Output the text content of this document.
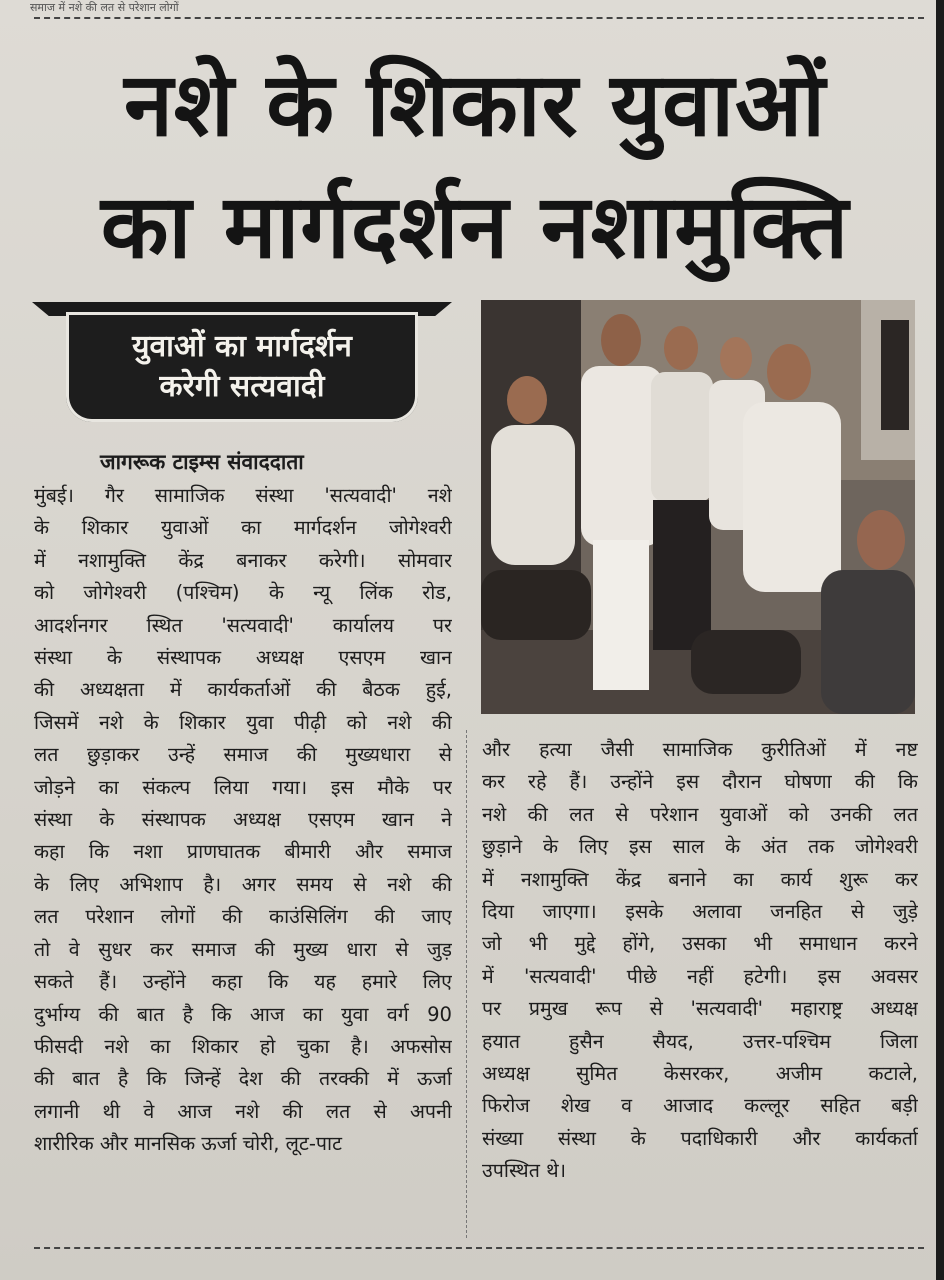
समाज में नशे की लत से परेशान लोगों
नशे के शिकार युवाओं
का मार्गदर्शन नशामुक्ति
युवाओं का मार्गदर्शन
करेगी सत्यवादी
जागरूक टाइम्स संवाददाता
मुंबई। गैर सामाजिक संस्था 'सत्यवादी' नशे
के शिकार युवाओं का मार्गदर्शन जोगेश्वरी
में नशामुक्ति केंद्र बनाकर करेगी। सोमवार
को जोगेश्वरी (पश्चिम) के न्यू लिंक रोड,
आदर्शनगर स्थित 'सत्यवादी' कार्यालय पर
संस्था के संस्थापक अध्यक्ष एसएम खान
की अध्यक्षता में कार्यकर्ताओं की बैठक हुई,
जिसमें नशे के शिकार युवा पीढ़ी को नशे की
लत छुड़ाकर उन्हें समाज की मुख्यधारा से
जोड़ने का संकल्प लिया गया। इस मौके पर
संस्था के संस्थापक अध्यक्ष एसएम खान ने
कहा कि नशा प्राणघातक बीमारी और समाज
के लिए अभिशाप है। अगर समय से नशे की
लत परेशान लोगों की काउंसिलिंग की जाए
तो वे सुधर कर समाज की मुख्य धारा से जुड़
सकते हैं। उन्होंने कहा कि यह हमारे लिए
दुर्भाग्य की बात है कि आज का युवा वर्ग 90
फीसदी नशे का शिकार हो चुका है। अफसोस
की बात है कि जिन्हें देश की तरक्की में ऊर्जा
लगानी थी वे आज नशे की लत से अपनी
शारीरिक और मानसिक ऊर्जा चोरी, लूट-पाट
और हत्या जैसी सामाजिक कुरीतिओं में नष्ट
कर रहे हैं। उन्होंने इस दौरान घोषणा की कि
नशे की लत से परेशान युवाओं को उनकी लत
छुड़ाने के लिए इस साल के अंत तक जोगेश्वरी
में नशामुक्ति केंद्र बनाने का कार्य शुरू कर
दिया जाएगा। इसके अलावा जनहित से जुड़े
जो भी मुद्दे होंगे, उसका भी समाधान करने
में 'सत्यवादी' पीछे नहीं हटेगी। इस अवसर
पर प्रमुख रूप से 'सत्यवादी' महाराष्ट्र अध्यक्ष
हयात हुसैन सैयद, उत्तर-पश्चिम जिला
अध्यक्ष सुमित केसरकर, अजीम कटाले,
फिरोज शेख व आजाद कल्लूर सहित बड़ी
संख्या संस्था के पदाधिकारी और कार्यकर्ता
उपस्थित थे।
